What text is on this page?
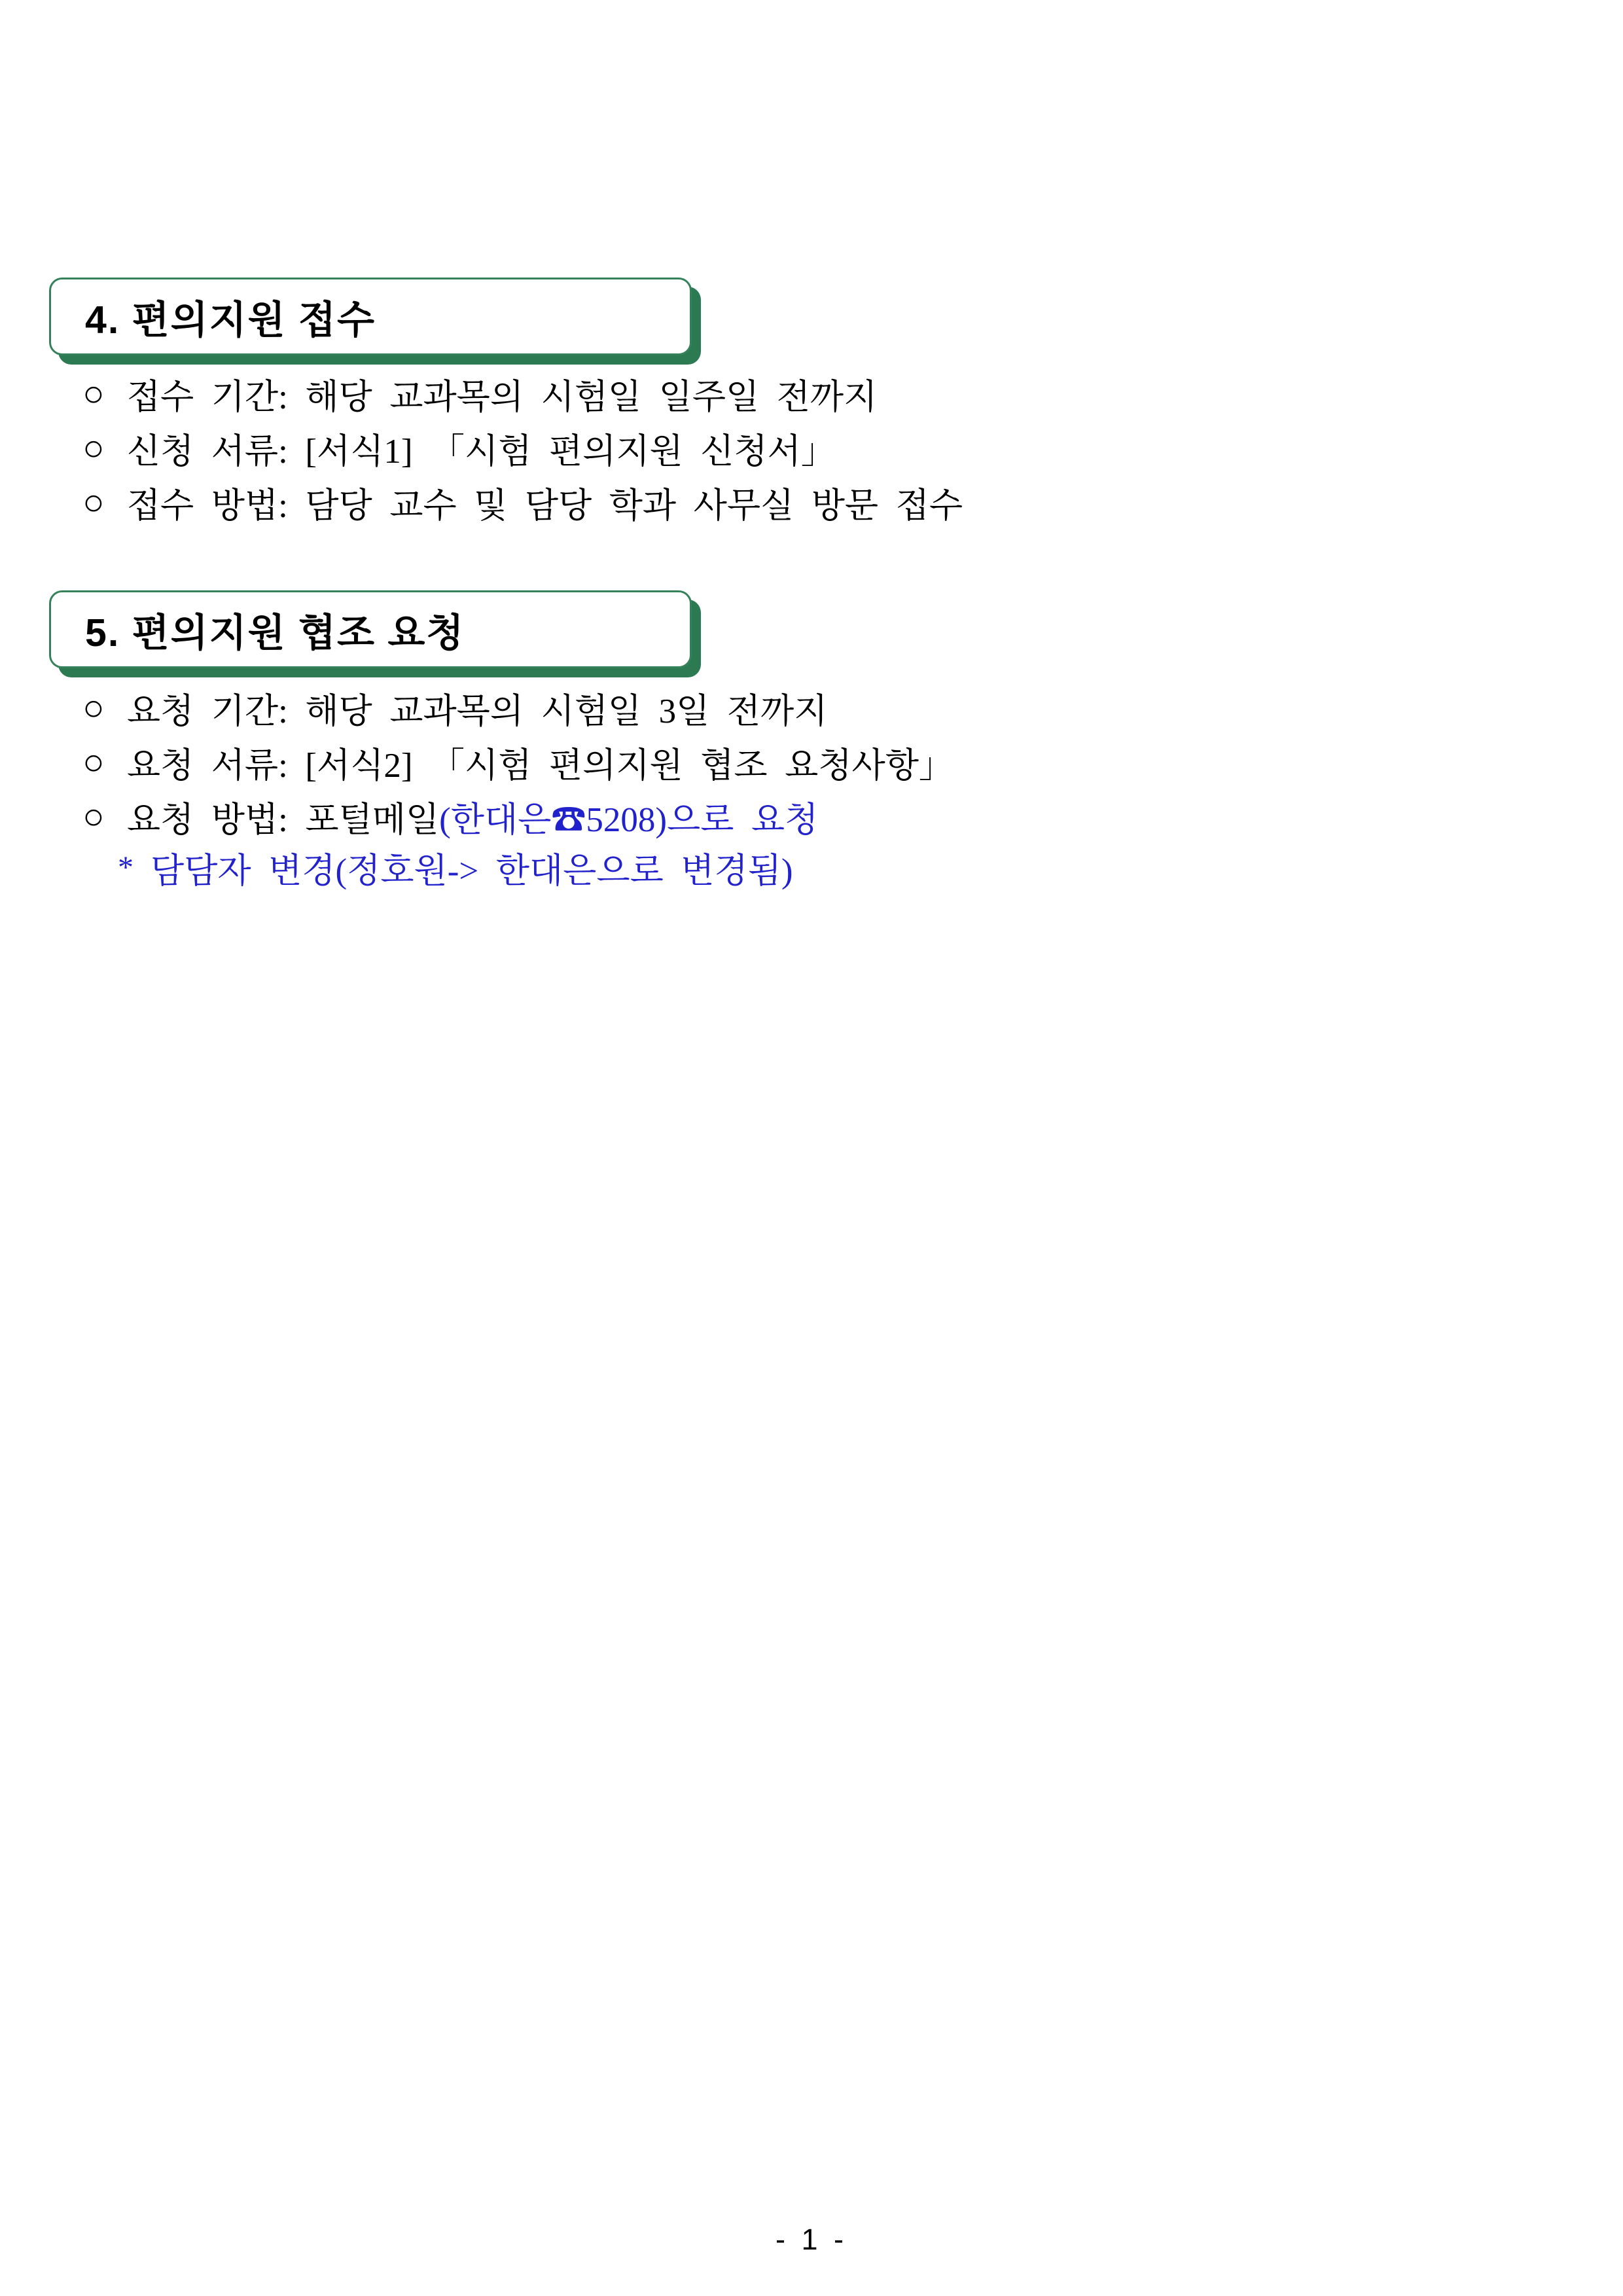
4. 편의지원 접수
○ 접수 기간: 해당 교과목의 시험일 일주일 전까지
○ 신청 서류: [서식1] 「시험 편의지원 신청서」
○ 접수 방법: 담당 교수 및 담당 학과 사무실 방문 접수
5. 편의지원 협조 요청
○ 요청 기간: 해당 교과목의 시험일 3일 전까지
○ 요청 서류: [서식2] 「시험 편의지원 협조 요청사항」
○ 요청 방법: 포털메일(한대은☎5208)으로 요청
* 담담자 변경(정호원-> 한대은으로 변경됨)
- 1 -
